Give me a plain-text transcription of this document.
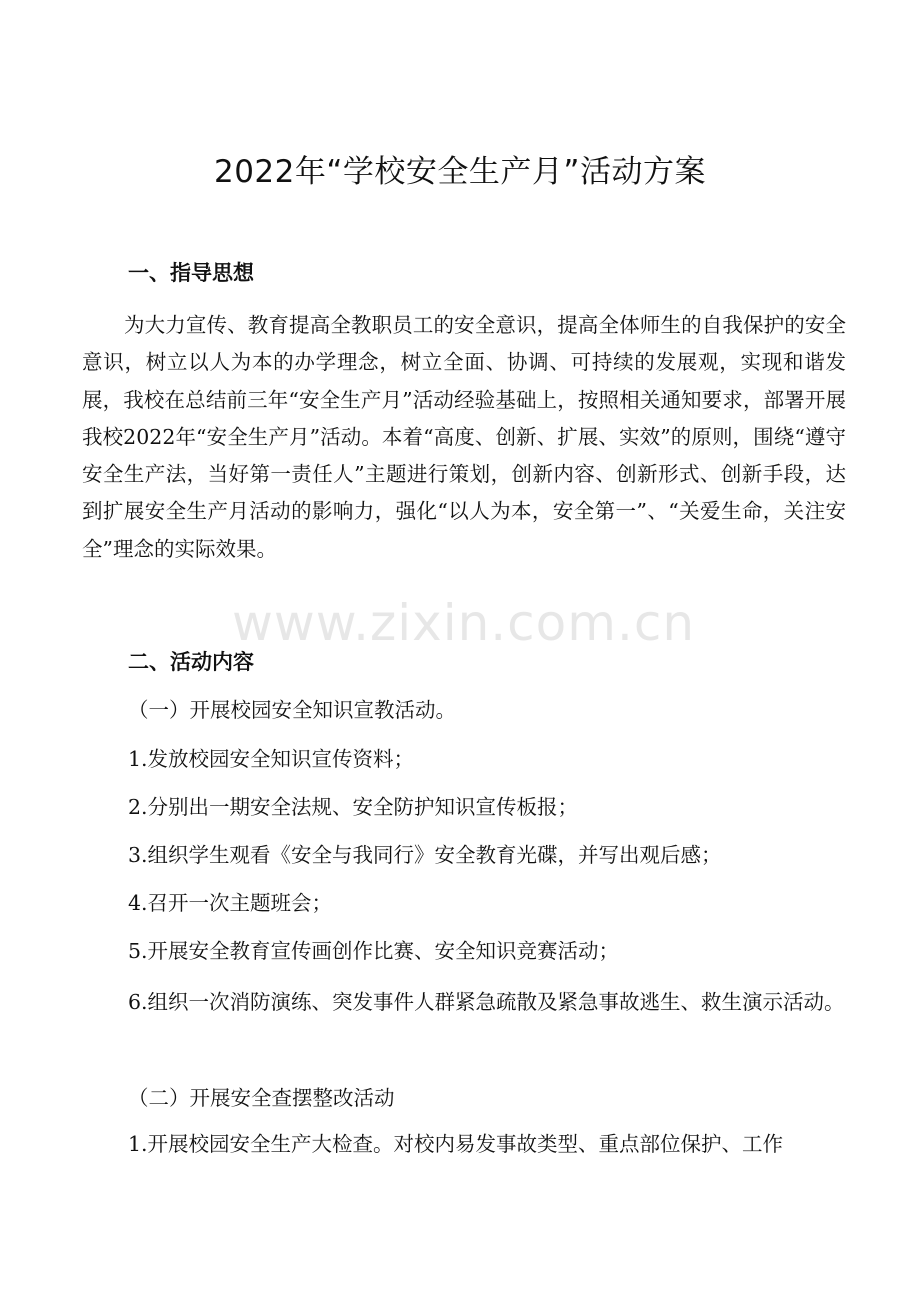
2022年“学校安全生产月”活动方案
一、指导思想

为大力宣传、教育提高全教职员工的安全意识，提高全体师生的自我保护的安全意识，树立以人为本的办学理念，树立全面、协调、可持续的发展观，实现和谐发展，我校在总结前三年“安全生产月”活动经验基础上，按照相关通知要求，部署开展我校2022年“安全生产月”活动。本着“高度、创新、扩展、实效”的原则，围绕“遵守安全生产法，当好第一责任人”主题进行策划，创新内容、创新形式、创新手段，达到扩展安全生产月活动的影响力，强化“以人为本，安全第一”、“关爱生命，关注安全”理念的实际效果。

www.zixin.com.cn
二、活动内容
（一）开展校园安全知识宣教活动。
1.发放校园安全知识宣传资料；
2.分别出一期安全法规、安全防护知识宣传板报；
3.组织学生观看《安全与我同行》安全教育光碟，并写出观后感；
4.召开一次主题班会；
5.开展安全教育宣传画创作比赛、安全知识竞赛活动；

6.组织一次消防演练、突发事件人群紧急疏散及紧急事故逃生、救生演示活动。

（二）开展安全查摆整改活动
1.开展校园安全生产大检查。对校内易发事故类型、重点部位保护、工作
